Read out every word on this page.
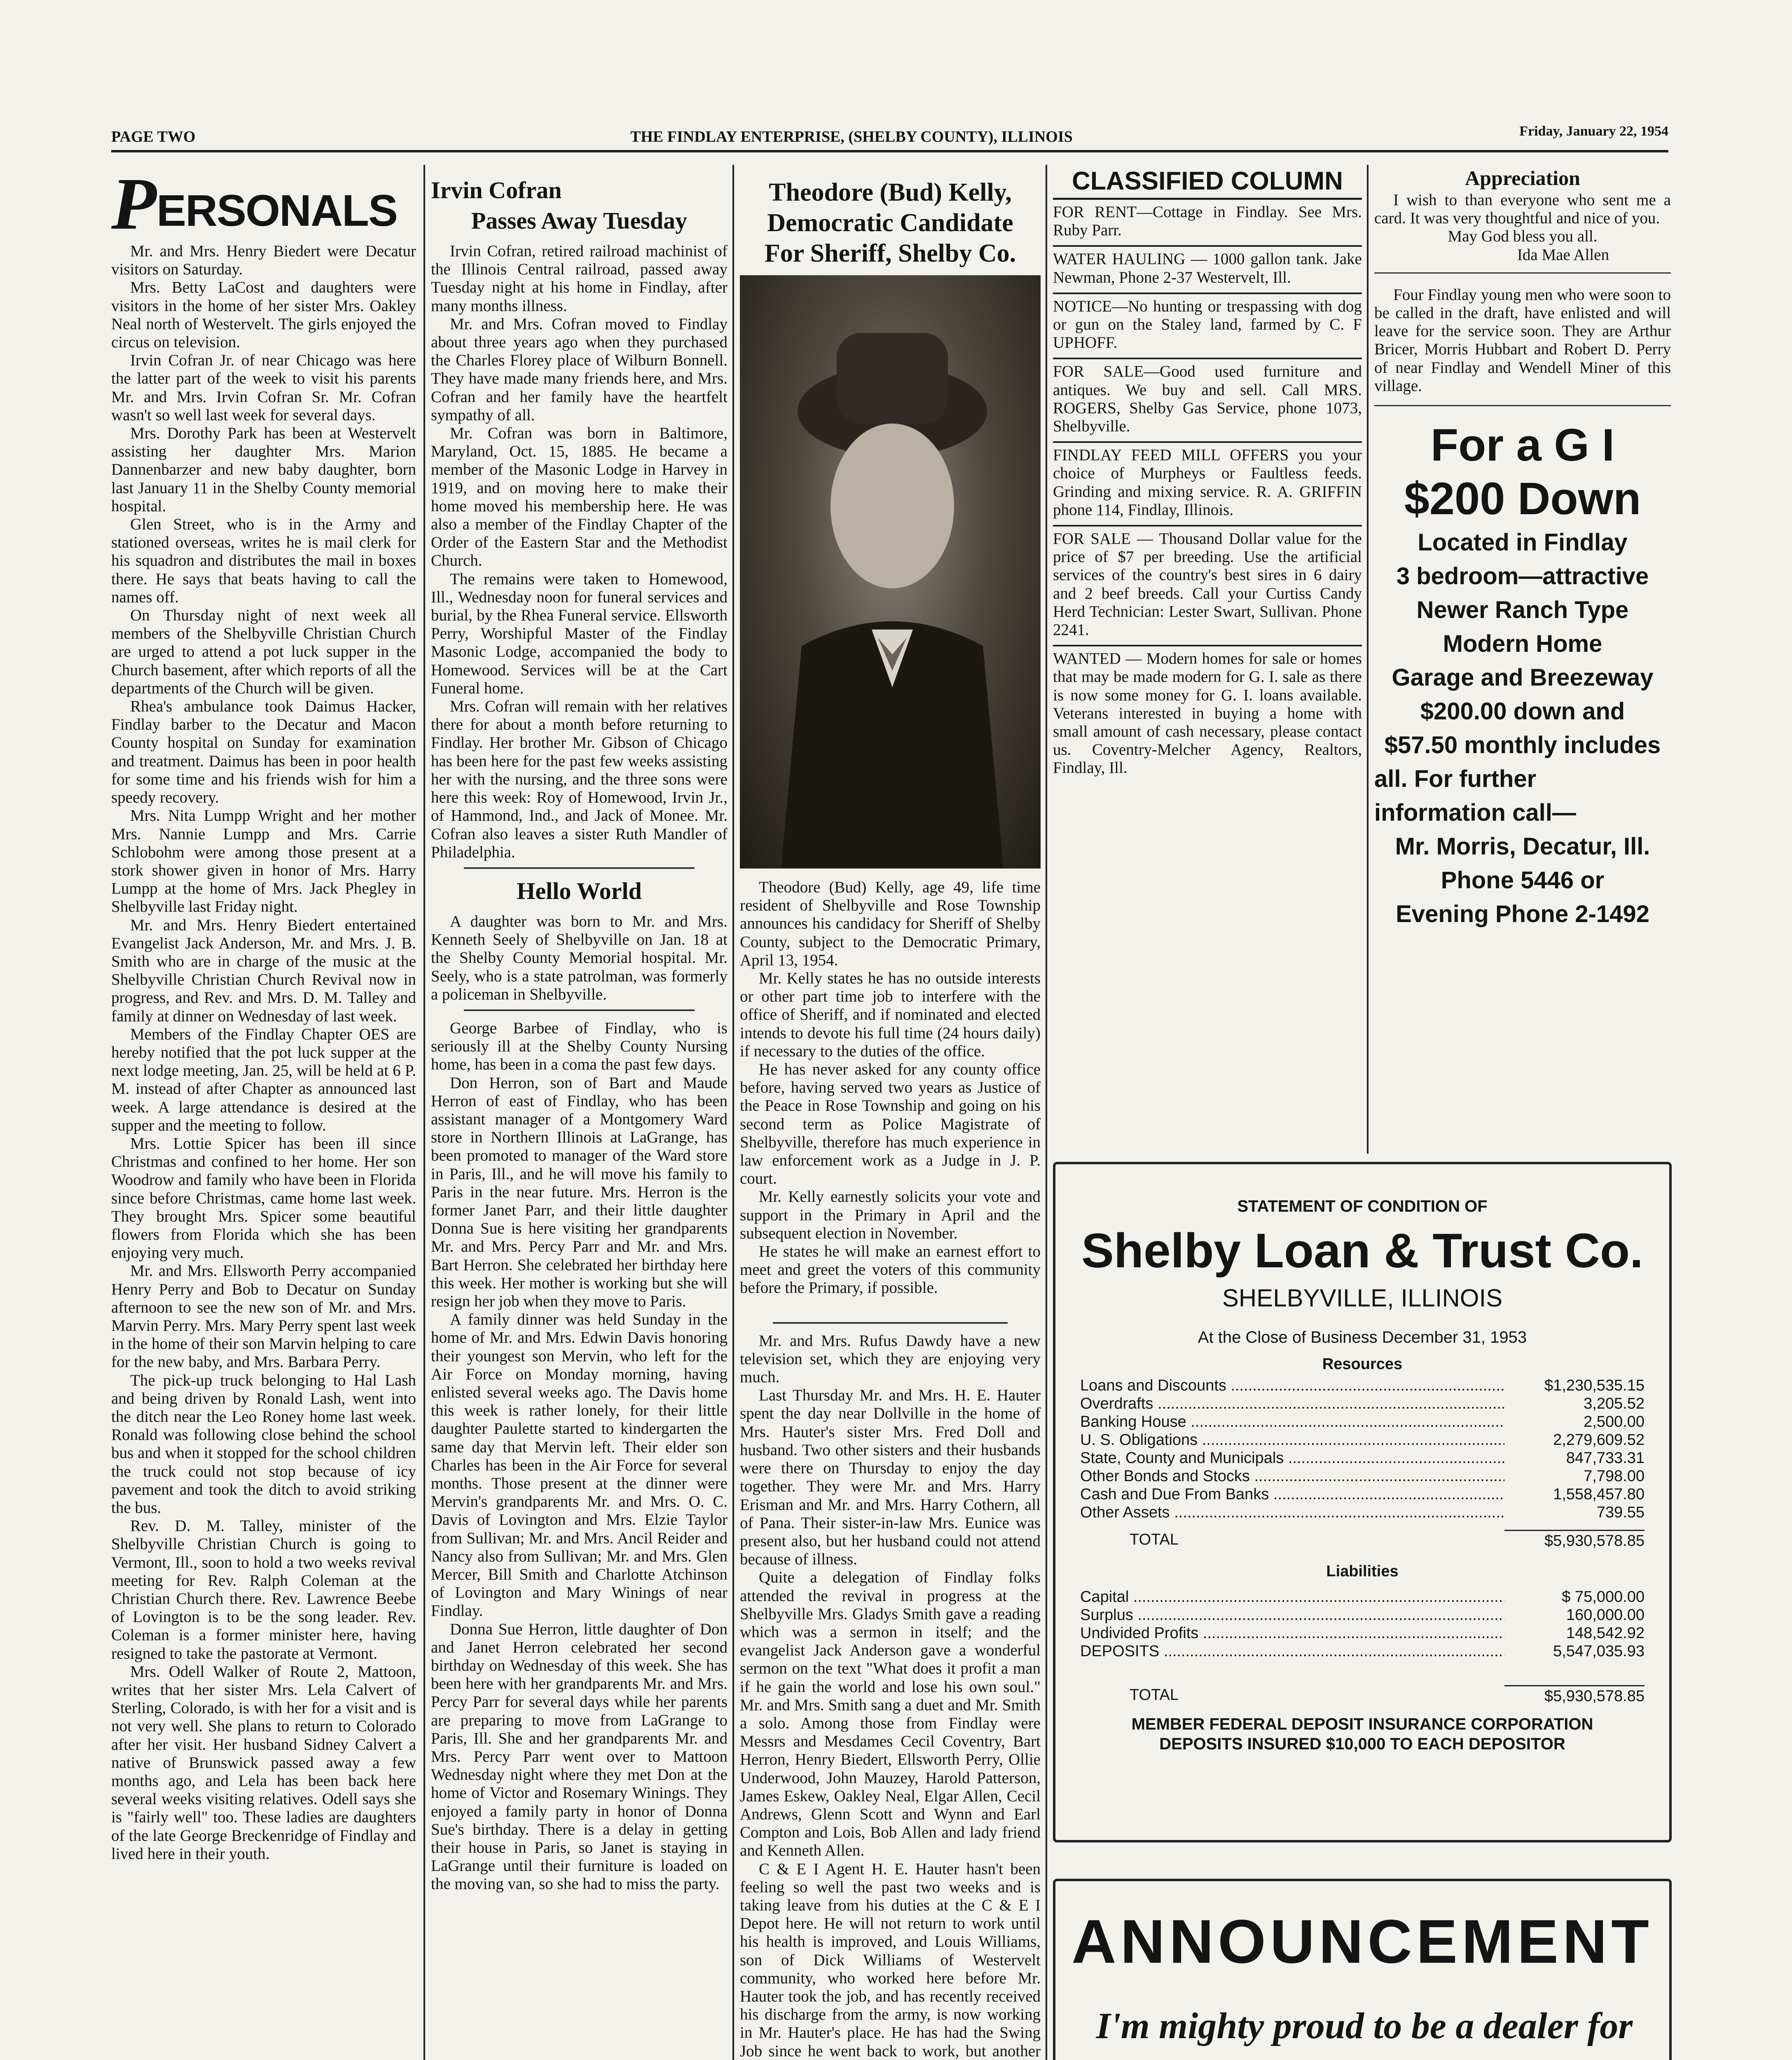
PAGE TWO	THE FINDLAY ENTERPRISE, (SHELBY COUNTY), ILLINOIS	Friday, January 22, 1954
P ERSONALS

Mr. and Mrs. Henry Biedert were Decatur visitors on Saturday.

Mrs. Betty LaCost and daughters were visitors in the home of her sister Mrs. Oakley Neal north of Westervelt. The girls enjoyed the circus on television.

Irvin Cofran Jr. of near Chicago was here the latter part of the week to visit his parents Mr. and Mrs. Irvin Cofran Sr. Mr. Cofran wasn't so well last week for several days.

Mrs. Dorothy Park has been at Westervelt assisting her daughter Mrs. Marion Dannenbarzer and new baby daughter, born last January 11 in the Shelby County memorial hospital.

Glen Street, who is in the Army and stationed overseas, writes he is mail clerk for his squadron and distributes the mail in boxes there. He says that beats having to call the names off.

On Thursday night of next week all members of the Shelbyville Christian Church are urged to attend a pot luck supper in the Church basement, after which reports of all the departments of the Church will be given.

Rhea's ambulance took Daimus Hacker, Findlay barber to the Decatur and Macon County hospital on Sunday for examination and treatment. Daimus has been in poor health for some time and his friends wish for him a speedy recovery.

Mrs. Nita Lumpp Wright and her mother Mrs. Nannie Lumpp and Mrs. Carrie Schlobohm were among those present at a stork shower given in honor of Mrs. Harry Lumpp at the home of Mrs. Jack Phegley in Shelbyville last Friday night.

Mr. and Mrs. Henry Biedert entertained Evangelist Jack Anderson, Mr. and Mrs. J. B. Smith who are in charge of the music at the Shelbyville Christian Church Revival now in progress, and Rev. and Mrs. D. M. Talley and family at dinner on Wednesday of last week.

Members of the Findlay Chapter OES are hereby notified that the pot luck supper at the next lodge meeting, Jan. 25, will be held at 6 P. M. instead of after Chapter as announced last week. A large attendance is desired at the supper and the meeting to follow.

Mrs. Lottie Spicer has been ill since Christmas and confined to her home. Her son Woodrow and family who have been in Florida since before Christmas, came home last week. They brought Mrs. Spicer some beautiful flowers from Florida which she has been enjoying very much.

Mr. and Mrs. Ellsworth Perry accompanied Henry Perry and Bob to Decatur on Sunday afternoon to see the new son of Mr. and Mrs. Marvin Perry. Mrs. Mary Perry spent last week in the home of their son Marvin helping to care for the new baby, and Mrs. Barbara Perry.

The pick-up truck belonging to Hal Lash and being driven by Ronald Lash, went into the ditch near the Leo Roney home last week. Ronald was following close behind the school bus and when it stopped for the school children the truck could not stop because of icy pavement and took the ditch to avoid striking the bus.

Rev. D. M. Talley, minister of the Shelbyville Christian Church is going to Vermont, Ill., soon to hold a two weeks revival meeting for Rev. Ralph Coleman at the Christian Church there. Rev. Lawrence Beebe of Lovington is to be the song leader. Rev. Coleman is a former minister here, having resigned to take the pastorate at Vermont.

Mrs. Odell Walker of Route 2, Mattoon, writes that her sister Mrs. Lela Calvert of Sterling, Colorado, is with her for a visit and is not very well. She plans to return to Colorado after her visit. Her husband Sidney Calvert a native of Brunswick passed away a few months ago, and Lela has been back here several weeks visiting relatives. Odell says she is "fairly well" too. These ladies are daughters of the late George Breckenridge of Findlay and lived here in their youth.

Irvin Cofran
Passes Away Tuesday

Irvin Cofran, retired railroad machinist of the Illinois Central railroad, passed away Tuesday night at his home in Findlay, after many months illness.

Mr. and Mrs. Cofran moved to Findlay about three years ago when they purchased the Charles Florey place of Wilburn Bonnell. They have made many friends here, and Mrs. Cofran and her family have the heartfelt sympathy of all.

Mr. Cofran was born in Baltimore, Maryland, Oct. 15, 1885. He became a member of the Masonic Lodge in Harvey in 1919, and on moving here to make their home moved his membership here. He was also a member of the Findlay Chapter of the Order of the Eastern Star and the Methodist Church.

The remains were taken to Homewood, Ill., Wednesday noon for funeral services and burial, by the Rhea Funeral service. Ellsworth Perry, Worshipful Master of the Findlay Masonic Lodge, accompanied the body to Homewood. Services will be at the Cart Funeral home.

Mrs. Cofran will remain with her relatives there for about a month before returning to Findlay. Her brother Mr. Gibson of Chicago has been here for the past few weeks assisting her with the nursing, and the three sons were here this week: Roy of Homewood, Irvin Jr., of Hammond, Ind., and Jack of Monee. Mr. Cofran also leaves a sister Ruth Mandler of Philadelphia.

Hello World

A daughter was born to Mr. and Mrs. Kenneth Seely of Shelbyville on Jan. 18 at the Shelby County Memorial hospital. Mr. Seely, who is a state patrolman, was formerly a policeman in Shelbyville.

George Barbee of Findlay, who is seriously ill at the Shelby County Nursing home, has been in a coma the past few days.

Don Herron, son of Bart and Maude Herron of east of Findlay, who has been assistant manager of a Montgomery Ward store in Northern Illinois at LaGrange, has been promoted to manager of the Ward store in Paris, Ill., and he will move his family to Paris in the near future. Mrs. Herron is the former Janet Parr, and their little daughter Donna Sue is here visiting her grandparents Mr. and Mrs. Percy Parr and Mr. and Mrs. Bart Herron. She celebrated her birthday here this week. Her mother is working but she will resign her job when they move to Paris.

A family dinner was held Sunday in the home of Mr. and Mrs. Edwin Davis honoring their youngest son Mervin, who left for the Air Force on Monday morning, having enlisted several weeks ago. The Davis home this week is rather lonely, for their little daughter Paulette started to kindergarten the same day that Mervin left. Their elder son Charles has been in the Air Force for several months. Those present at the dinner were Mervin's grandparents Mr. and Mrs. O. C. Davis of Lovington and Mrs. Elzie Taylor from Sullivan; Mr. and Mrs. Ancil Reider and Nancy also from Sullivan; Mr. and Mrs. Glen Mercer, Bill Smith and Charlotte Atchinson of Lovington and Mary Winings of near Findlay.

Donna Sue Herron, little daughter of Don and Janet Herron celebrated her second birthday on Wednesday of this week. She has been here with her grandparents Mr. and Mrs. Percy Parr for several days while her parents are preparing to move from LaGrange to Paris, Ill. She and her grandparents Mr. and Mrs. Percy Parr went over to Mattoon Wednesday night where they met Don at the home of Victor and Rosemary Winings. They enjoyed a family party in honor of Donna Sue's birthday. There is a delay in getting their house in Paris, so Janet is staying in LaGrange until their furniture is loaded on the moving van, so she had to miss the party.

Theodore (Bud) Kelly,
Democratic Candidate
For Sheriff, Shelby Co.

Theodore (Bud) Kelly, age 49, life time resident of Shelbyville and Rose Township announces his candidacy for Sheriff of Shelby County, subject to the Democratic Primary, April 13, 1954.

Mr. Kelly states he has no outside interests or other part time job to interfere with the office of Sheriff, and if nominated and elected intends to devote his full time (24 hours daily) if necessary to the duties of the office.

He has never asked for any county office before, having served two years as Justice of the Peace in Rose Township and going on his second term as Police Magistrate of Shelbyville, therefore has much experience in law enforcement work as a Judge in J. P. court.

Mr. Kelly earnestly solicits your vote and support in the Primary in April and the subsequent election in November.

He states he will make an earnest effort to meet and greet the voters of this community before the Primary, if possible.

Mr. and Mrs. Rufus Dawdy have a new television set, which they are enjoying very much.

Last Thursday Mr. and Mrs. H. E. Hauter spent the day near Dollville in the home of Mrs. Hauter's sister Mrs. Fred Doll and husband. Two other sisters and their husbands were there on Thursday to enjoy the day together. They were Mr. and Mrs. Harry Erisman and Mr. and Mrs. Harry Cothern, all of Pana. Their sister-in-law Mrs. Eunice was present also, but her husband could not attend because of illness.

Quite a delegation of Findlay folks attended the revival in progress at the Shelbyville Mrs. Gladys Smith gave a reading which was a sermon in itself; and the evangelist Jack Anderson gave a wonderful sermon on the text "What does it profit a man if he gain the world and lose his own soul." Mr. and Mrs. Smith sang a duet and Mr. Smith a solo. Among those from Findlay were Messrs and Mesdames Cecil Coventry, Bart Herron, Henry Biedert, Ellsworth Perry, Ollie Underwood, John Mauzey, Harold Patterson, James Eskew, Oakley Neal, Elgar Allen, Cecil Andrews, Glenn Scott and Wynn and Earl Compton and Lois, Bob Allen and lady friend and Kenneth Allen.

C & E I Agent H. E. Hauter hasn't been feeling so well the past two weeks and is taking leave from his duties at the C & E I Depot here. He will not return to work until his health is improved, and Louis Williams, son of Dick Williams of Westervelt community, who worked here before Mr. Hauter took the job, and has recently received his discharge from the army, is now working in Mr. Hauter's place. He has had the Swing Job since he went back to work, but another

CLASSIFIED COLUMN

FOR RENT—Cottage in Findlay. See Mrs. Ruby Parr.

WATER HAULING — 1000 gallon tank. Jake Newman, Phone 2-37 Westervelt, Ill.

NOTICE—No hunting or trespassing with dog or gun on the Staley land, farmed by C. F UPHOFF.

FOR SALE—Good used furniture and antiques. We buy and sell. Call MRS. ROGERS, Shelby Gas Service, phone 1073, Shelbyville.

FINDLAY FEED MILL OFFERS you your choice of Murpheys or Faultless feeds. Grinding and mixing service. R. A. GRIFFIN phone 114, Findlay, Illinois.

FOR SALE — Thousand Dollar value for the price of $7 per breeding. Use the artificial services of the country's best sires in 6 dairy and 2 beef breeds. Call your Curtiss Candy Herd Technician: Lester Swart, Sullivan. Phone 2241.

WANTED — Modern homes for sale or homes that may be made modern for G. I. sale as there is now some money for G. I. loans available. Veterans interested in buying a home with small amount of cash necessary, please contact us. Coventry-Melcher Agency, Realtors, Findlay, Ill.

Appreciation

I wish to than everyone who sent me a card. It was very thoughtful and nice of you.

May God bless you all.

Ida Mae Allen

Four Findlay young men who were soon to be called in the draft, have enlisted and will leave for the service soon. They are Arthur Bricer, Morris Hubbart and Robert D. Perry of near Findlay and Wendell Miner of this village.

For a G I
$200 Down
Located in Findlay
3 bedroom—attractive
Newer Ranch Type
Modern Home
Garage and Breezeway
$200.00 down and
$57.50 monthly includes
all. For further information call—
Mr. Morris, Decatur, Ill.
Phone 5446 or
Evening Phone 2-1492
STATEMENT OF CONDITION OF
Shelby Loan & Trust Co.
SHELBYVILLE, ILLINOIS
At the Close of Business December 31, 1953
Resources
Loans and Discounts .....	$1,230,535.15
Overdrafts .....	3,205.52
Banking House .....	2,500.00
U. S. Obligations .....	2,279,609.52
State, County and Municipals .....	847,733.31
Other Bonds and Stocks .....	7,798.00
Cash and Due From Banks .....	1,558,457.80
Other Assets .....	739.55
TOTAL	$5,930,578.85
Liabilities
Capital .....	$ 75,000.00
Surplus .....	160,000.00
Undivided Profits .....	148,542.92
DEPOSITS .....	5,547,035.93
TOTAL	$5,930,578.85
MEMBER FEDERAL DEPOSIT INSURANCE CORPORATION
DEPOSITS INSURED $10,000 TO EACH DEPOSITOR
ANNOUNCEMENT
I'm mighty proud to be a dealer for
